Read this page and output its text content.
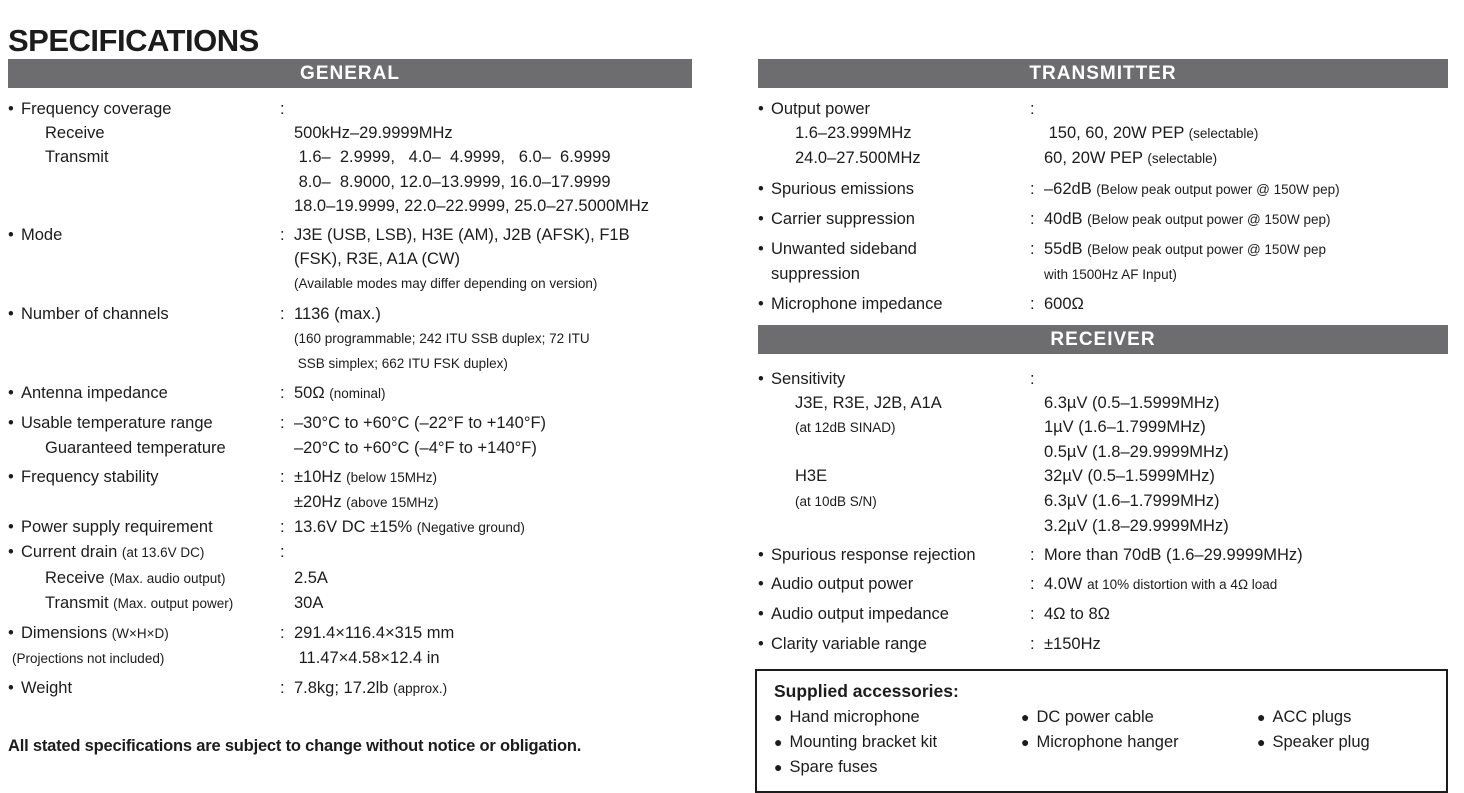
SPECIFICATIONS
GENERAL
• Frequency coverage	:
Receive	500kHz–29.9999MHz
Transmit	1.6–  2.9999,   4.0–  4.9999,   6.0–  6.9999
8.0–  8.9000, 12.0–13.9999, 16.0–17.9999
18.0–19.9999, 22.0–22.9999, 25.0–27.5000MHz
• Mode	: J3E (USB, LSB), H3E (AM), J2B (AFSK), F1B
(FSK), R3E, A1A (CW)
(Available modes may differ depending on version)
• Number of channels	: 1136 (max.)
(160 programmable; 242 ITU SSB duplex; 72 ITU
SSB simplex; 662 ITU FSK duplex)
• Antenna impedance	: 50Ω (nominal)
• Usable temperature range	: –30°C to +60°C (–22°F to +140°F)
Guaranteed temperature	–20°C to +60°C (–4°F to +140°F)
• Frequency stability	: ±10Hz (below 15MHz)
±20Hz (above 15MHz)
• Power supply requirement	: 13.6V DC ±15% (Negative ground)
• Current drain (at 13.6V DC)	:
Receive (Max. audio output)	2.5A
Transmit (Max. output power)	30A
• Dimensions (W×H×D)	: 291.4×116.4×315 mm
(Projections not included)	11.47×4.58×12.4 in
• Weight	: 7.8kg; 17.2lb (approx.)
TRANSMITTER
• Output power	:
1.6–23.999MHz	150, 60, 20W PEP (selectable)
24.0–27.500MHz	60, 20W PEP (selectable)
• Spurious emissions	: –62dB (Below peak output power @ 150W pep)
• Carrier suppression	: 40dB (Below peak output power @ 150W pep)
• Unwanted sideband	: 55dB (Below peak output power @ 150W pep
suppression	with 1500Hz AF Input)
• Microphone impedance	: 600Ω
RECEIVER
• Sensitivity	:
J3E, R3E, J2B, A1A	6.3µV (0.5–1.5999MHz)
(at 12dB SINAD)	1µV (1.6–1.7999MHz)
0.5µV (1.8–29.9999MHz)
H3E	32µV (0.5–1.5999MHz)
(at 10dB S/N)	6.3µV (1.6–1.7999MHz)
3.2µV (1.8–29.9999MHz)
• Spurious response rejection	: More than 70dB (1.6–29.9999MHz)
• Audio output power	: 4.0W at 10% distortion with a 4Ω load
• Audio output impedance	: 4Ω to 8Ω
• Clarity variable range	: ±150Hz
Supplied accessories:
● Hand microphone	● DC power cable	● ACC plugs
● Mounting bracket kit	● Microphone hanger	● Speaker plug
● Spare fuses
All stated specifications are subject to change without notice or obligation.
